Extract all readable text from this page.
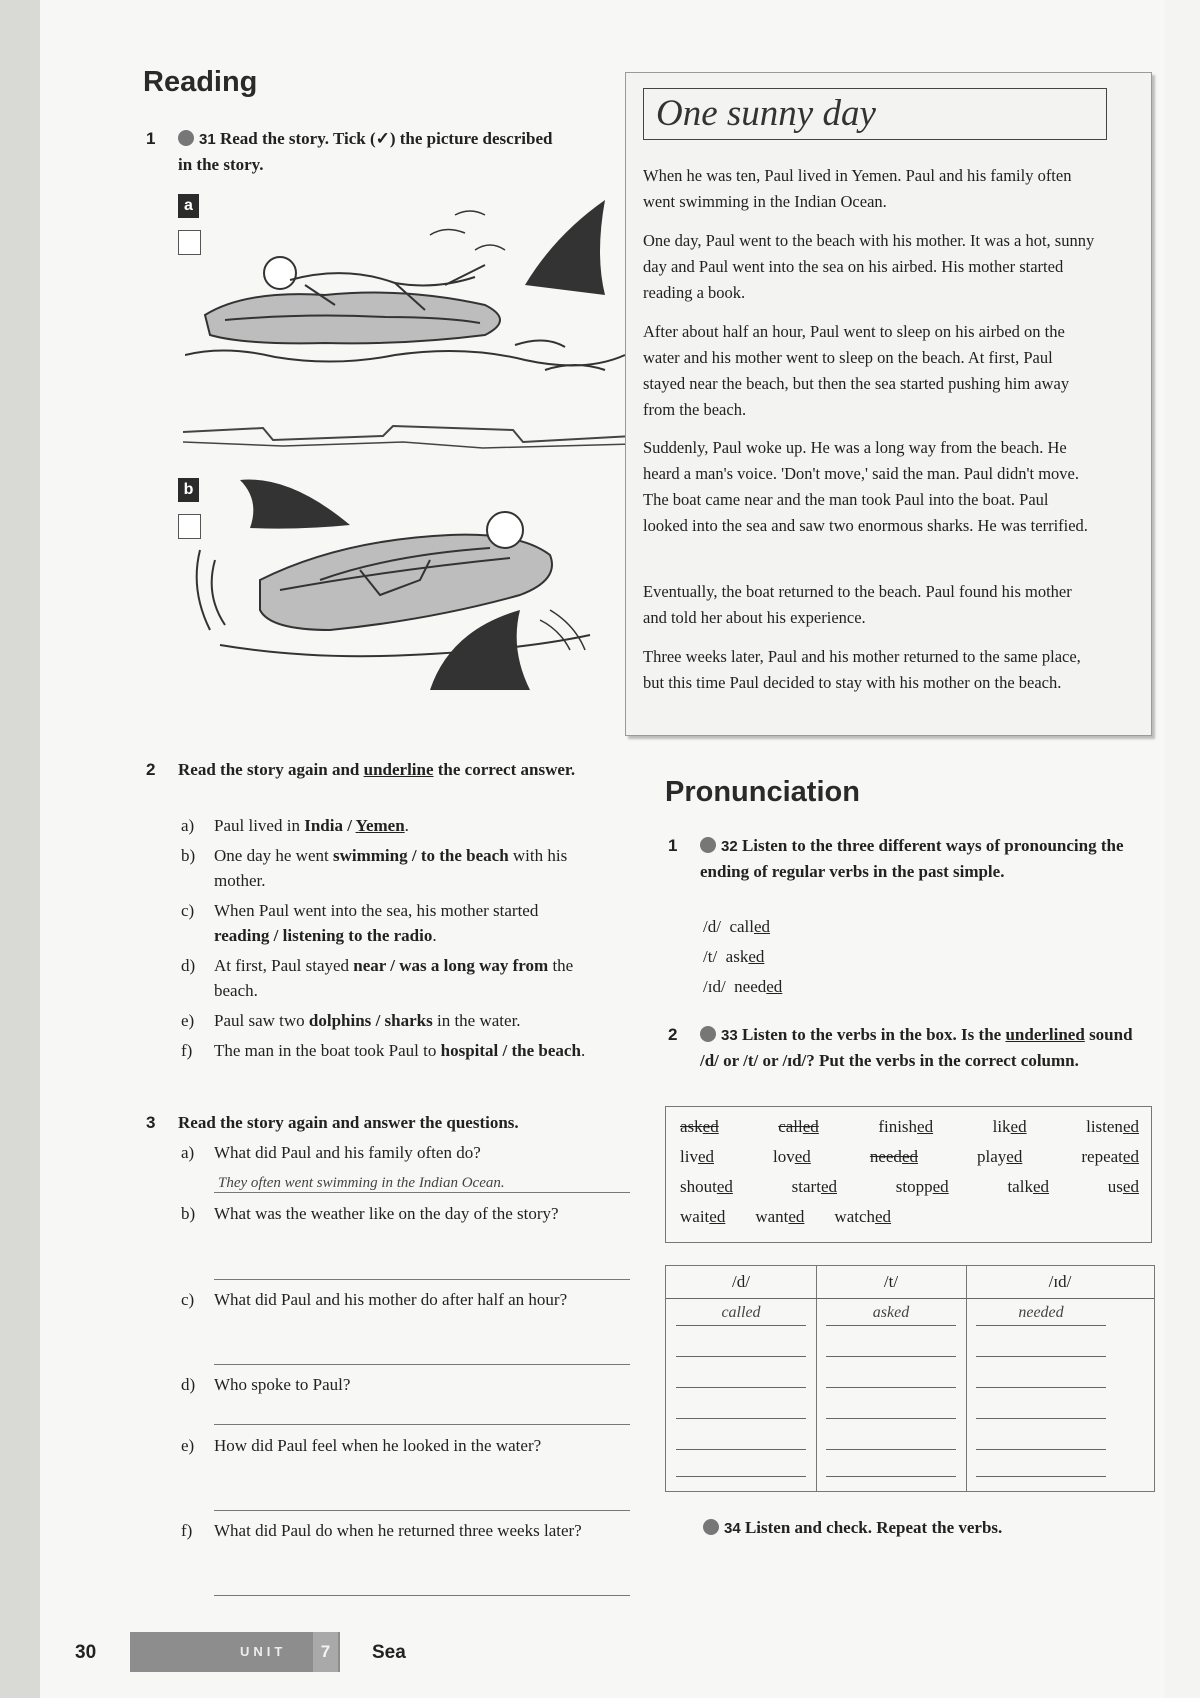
Reading
1	31 Read the story. Tick (✓) the picture described in the story.
a
b
2 Read the story again and underline the correct answer.
a) Paul lived in India / Yemen.
b) One day he went swimming / to the beach with his mother.
c) When Paul went into the sea, his mother started reading / listening to the radio.
d) At first, Paul stayed near / was a long way from the beach.
e) Paul saw two dolphins / sharks in the water.
f) The man in the boat took Paul to hospital / the beach.
3 Read the story again and answer the questions.
a) What did Paul and his family often do?
They often went swimming in the Indian Ocean.
b) What was the weather like on the day of the story?
c) What did Paul and his mother do after half an hour?
d) Who spoke to Paul?
e) How did Paul feel when he looked in the water?
f) What did Paul do when he returned three weeks later?
One sunny day
When he was ten, Paul lived in Yemen. Paul and his family often went swimming in the Indian Ocean.
One day, Paul went to the beach with his mother. It was a hot, sunny day and Paul went into the sea on his airbed. His mother started reading a book.
After about half an hour, Paul went to sleep on his airbed on the water and his mother went to sleep on the beach. At first, Paul stayed near the beach, but then the sea started pushing him away from the beach.
Suddenly, Paul woke up. He was a long way from the beach. He heard a man's voice. 'Don't move,' said the man. Paul didn't move. The boat came near and the man took Paul into the boat. Paul looked into the sea and saw two enormous sharks. He was terrified.
Eventually, the boat returned to the beach. Paul found his mother and told her about his experience.
Three weeks later, Paul and his mother returned to the same place, but this time Paul decided to stay with his mother on the beach.
Pronunciation
1	32 Listen to the three different ways of pronouncing the ending of regular verbs in the past simple.
/d/ called
/t/ asked
/ɪd/ needed
2	33 Listen to the verbs in the box. Is the underlined sound /d/ or /t/ or /ɪd/? Put the verbs in the correct column.
asked	called	finished	liked	listened
lived	loved	needed	played	repeated
shouted	started	stopped	talked	used
waited wanted watched
/d/	/t/	/ɪd/
called	asked	needed
34 Listen and check. Repeat the verbs.
30	UNIT	7	Sea
